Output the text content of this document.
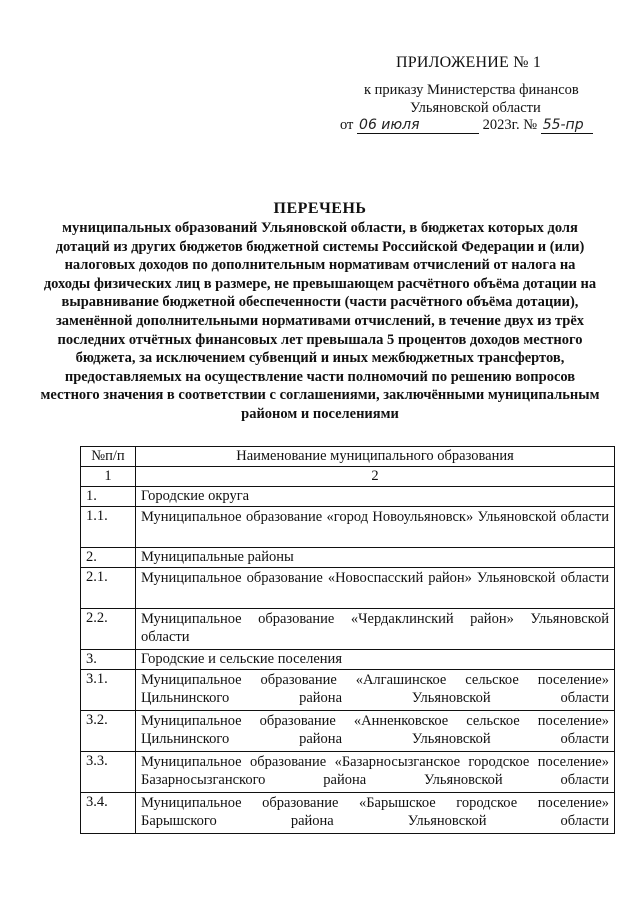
ПРИЛОЖЕНИЕ № 1
к приказу Министерства финансов
Ульяновской области
от 06 июля	2023г. № 55-пр
ПЕРЕЧЕНЬ
муниципальных образований Ульяновской области, в бюджетах которых доля дотаций из других бюджетов бюджетной системы Российской Федерации и (или) налоговых доходов по дополнительным нормативам отчислений от налога на доходы физических лиц в размере, не превышающем расчётного объёма дотации на выравнивание бюджетной обеспеченности (части расчётного объёма дотации), заменённой дополнительными нормативами отчислений, в течение двух из трёх последних отчётных финансовых лет превышала 5 процентов доходов местного бюджета, за исключением субвенций и иных межбюджетных трансфертов, предоставляемых на осуществление части полномочий по решению вопросов местного значения в соответствии с соглашениями, заключёнными муниципальным районом и поселениями
№п/п	Наименование муниципального образования
1	2
1.	Городские округа
1.1.	Муниципальное образование «город Новоульяновск» Ульяновской области
2.	Муниципальные районы
2.1.	Муниципальное образование «Новоспасский район» Ульяновской области
2.2.	Муниципальное образование «Чердаклинский район» Ульяновской области
3.	Городские и сельские поселения
3.1.	Муниципальное образование «Алгашинское сельское поселение» Цильнинского района Ульяновской области
3.2.	Муниципальное образование «Анненковское сельское поселение» Цильнинского района Ульяновской области
3.3.	Муниципальное образование «Базарносызганское городское поселение» Базарносызганского района Ульяновской области
3.4.	Муниципальное образование «Барышское городское поселение» Барышского района Ульяновской области
